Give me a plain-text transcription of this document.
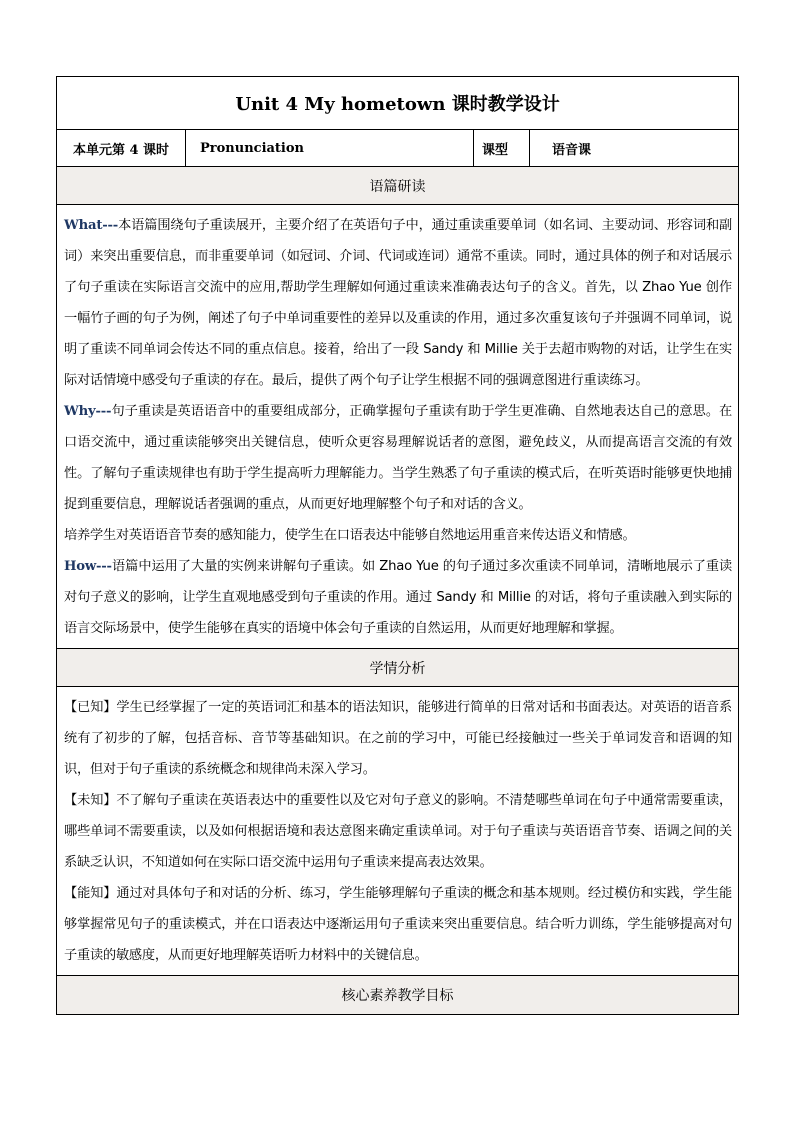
Unit 4 My hometown 课时教学设计
本单元第 4 课时	Pronunciation	课型	语音课
语篇研读

What---本语篇围绕句子重读展开，主要介绍了在英语句子中，通过重读重要单词（如名词、主要动词、形容词和副词）来突出重要信息，而非重要单词（如冠词、介词、代词或连词）通常不重读。同时，通过具体的例子和对话展示了句子重读在实际语言交流中的应用,帮助学生理解如何通过重读来准确表达句子的含义。首先，以 Zhao Yue 创作一幅竹子画的句子为例，阐述了句子中单词重要性的差异以及重读的作用，通过多次重复该句子并强调不同单词，说明了重读不同单词会传达不同的重点信息。接着，给出了一段 Sandy 和 Millie 关于去超市购物的对话，让学生在实际对话情境中感受句子重读的存在。最后，提供了两个句子让学生根据不同的强调意图进行重读练习。

Why---句子重读是英语语音中的重要组成部分，正确掌握句子重读有助于学生更准确、自然地表达自己的意思。在口语交流中，通过重读能够突出关键信息，使听众更容易理解说话者的意图，避免歧义，从而提高语言交流的有效性。了解句子重读规律也有助于学生提高听力理解能力。当学生熟悉了句子重读的模式后，在听英语时能够更快地捕捉到重要信息，理解说话者强调的重点，从而更好地理解整个句子和对话的含义。

培养学生对英语语音节奏的感知能力，使学生在口语表达中能够自然地运用重音来传达语义和情感。

How---语篇中运用了大量的实例来讲解句子重读。如 Zhao Yue 的句子通过多次重读不同单词，清晰地展示了重读对句子意义的影响，让学生直观地感受到句子重读的作用。通过 Sandy 和 Millie 的对话，将句子重读融入到实际的语言交际场景中，使学生能够在真实的语境中体会句子重读的自然运用，从而更好地理解和掌握。

学情分析

【已知】学生已经掌握了一定的英语词汇和基本的语法知识，能够进行简单的日常对话和书面表达。对英语的语音系统有了初步的了解，包括音标、音节等基础知识。在之前的学习中，可能已经接触过一些关于单词发音和语调的知识，但对于句子重读的系统概念和规律尚未深入学习。

【未知】不了解句子重读在英语表达中的重要性以及它对句子意义的影响。不清楚哪些单词在句子中通常需要重读，哪些单词不需要重读，以及如何根据语境和表达意图来确定重读单词。对于句子重读与英语语音节奏、语调之间的关系缺乏认识，不知道如何在实际口语交流中运用句子重读来提高表达效果。

【能知】通过对具体句子和对话的分析、练习，学生能够理解句子重读的概念和基本规则。经过模仿和实践，学生能够掌握常见句子的重读模式，并在口语表达中逐渐运用句子重读来突出重要信息。结合听力训练，学生能够提高对句子重读的敏感度，从而更好地理解英语听力材料中的关键信息。

核心素养教学目标
